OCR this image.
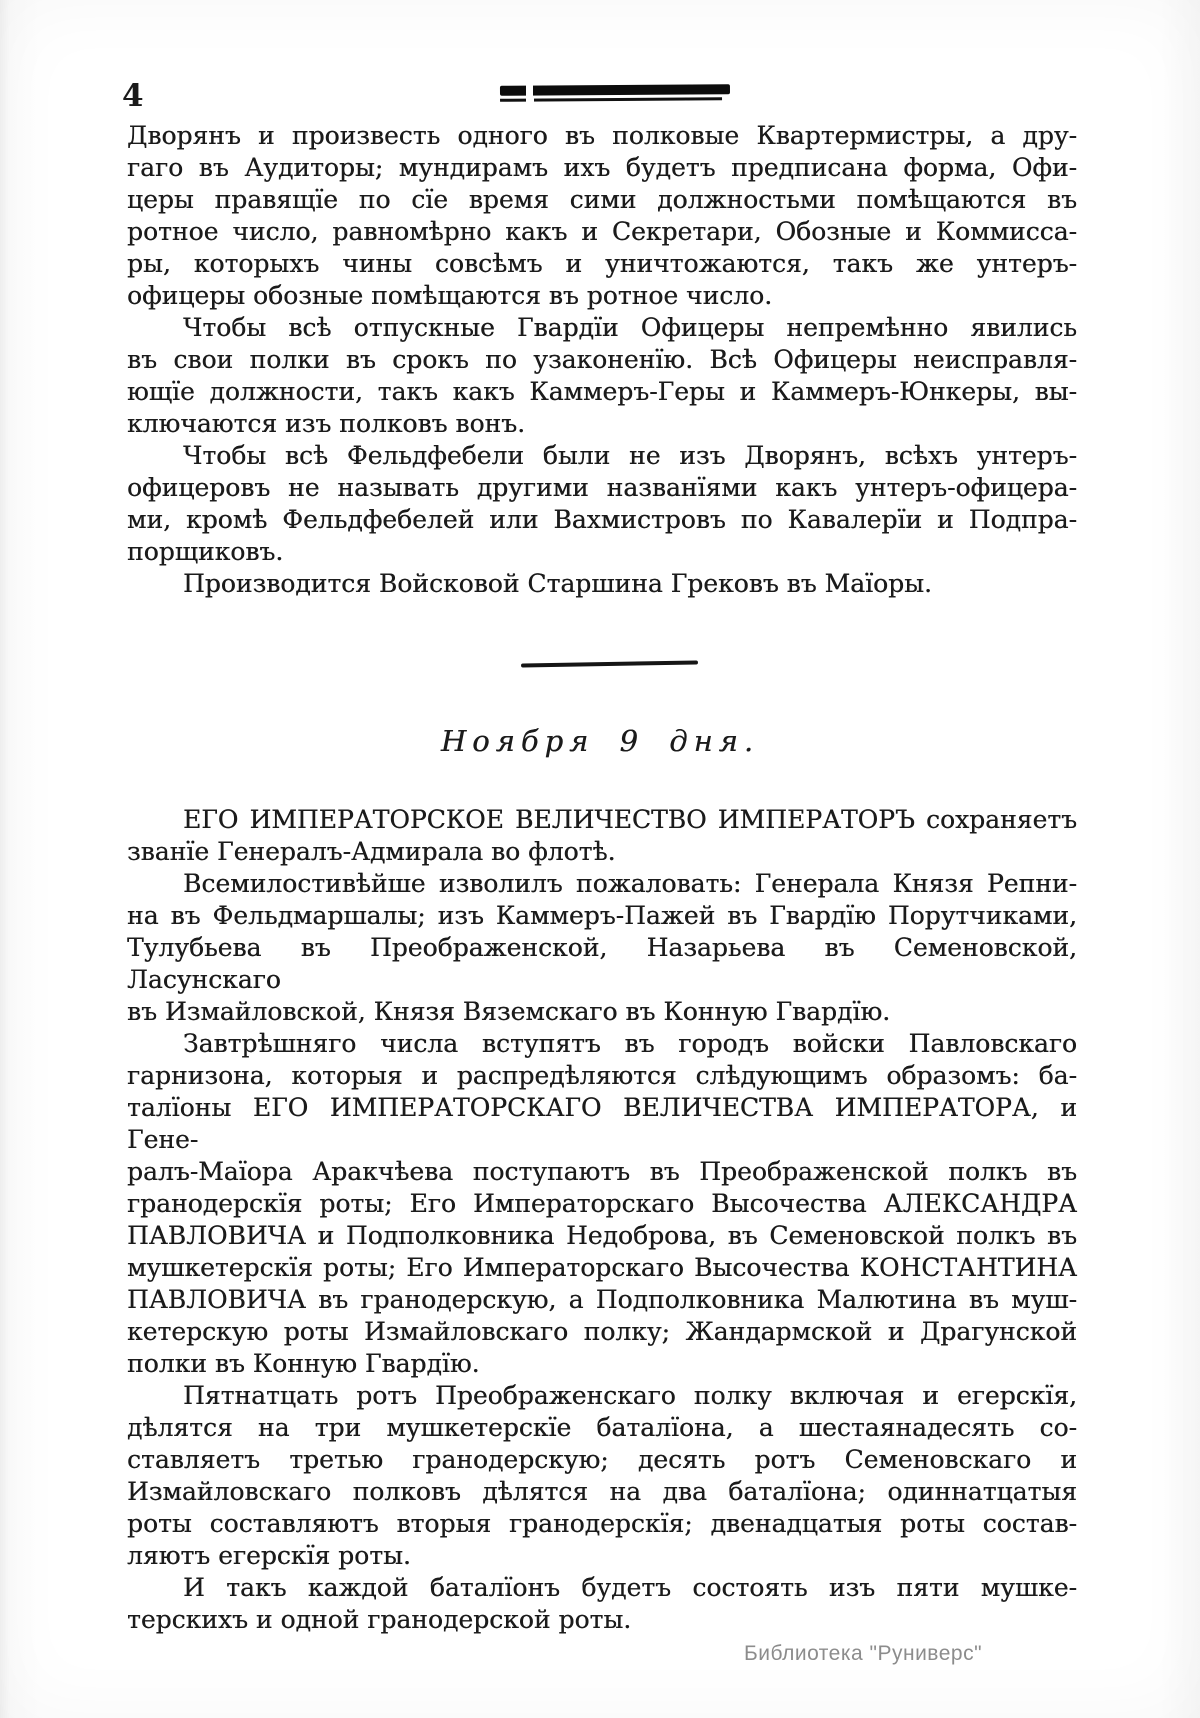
4
Дворянъ и произвесть одного въ полковые Квартермистры, а дру-
гаго въ Аудиторы; мундирамъ ихъ будетъ предписана форма, Офи-
церы правящїе по сїе время сими должностьми помѣщаются въ
ротное число, равномѣрно какъ и Секретари, Обозные и Коммисса-
ры, которыхъ чины совсѣмъ и уничтожаются, такъ же унтеръ-
офицеры обозные помѣщаются въ ротное число.
Чтобы всѣ отпускные Гвардїи Офицеры непремѣнно явились
въ свои полки въ срокъ по узаконенїю. Всѣ Офицеры неисправля-
ющїе должности, такъ какъ Каммеръ-Геры и Каммеръ-Юнкеры, вы-
ключаются изъ полковъ вонъ.
Чтобы всѣ Фельдфебели были не изъ Дворянъ, всѣхъ унтеръ-
офицеровъ не называть другими названїями какъ унтеръ-офицера-
ми, кромѣ Фельдфебелей или Вахмистровъ по Кавалерїи и Подпра-
порщиковъ.
Производится Войсковой Старшина Грековъ въ Маїоры.
Ноября 9 дня.
ЕГО ИМПЕРАТОРСКОЕ ВЕЛИЧЕСТВО ИМПЕРАТОРЪ сохраняетъ
званїе Генералъ-Адмирала во флотѣ.
Всемилостивѣйше изволилъ пожаловать: Генерала Князя Репни-
на въ Фельдмаршалы; изъ Каммеръ-Пажей въ Гвардїю Порутчиками,
Тулубьева въ Преображенской, Назарьева въ Семеновской, Ласунскаго
въ Измайловской, Князя Вяземскаго въ Конную Гвардїю.
Завтрѣшняго числа вступятъ въ городъ войски Павловскаго
гарнизона, которыя и распредѣляются слѣдующимъ образомъ: ба-
талїоны ЕГО ИМПЕРАТОРСКАГО ВЕЛИЧЕСТВА ИМПЕРАТОРА, и Гене-
ралъ-Маїора Аракчѣева поступаютъ въ Преображенской полкъ въ
гранодерскїя роты; Его Императорскаго Высочества АЛЕКСАНДРА
ПАВЛОВИЧА и Подполковника Недоброва, въ Семеновской полкъ въ
мушкетерскїя роты; Его Императорскаго Высочества КОНСТАНТИНА
ПАВЛОВИЧА въ гранодерскую, а Подполковника Малютина въ муш-
кетерскую роты Измайловскаго полку; Жандармской и Драгунской
полки въ Конную Гвардїю.
Пятнатцать ротъ Преображенскаго полку включая и егерскїя,
дѣлятся на три мушкетерскїе баталїона, а шестаянадесять со-
ставляетъ третью гранодерскую; десять ротъ Семеновскаго и
Измайловскаго полковъ дѣлятся на два баталїона; одиннатцатыя
роты составляютъ вторыя гранодерскїя; двенадцатыя роты состав-
ляютъ егерскїя роты.
И такъ каждой баталїонъ будетъ состоять изъ пяти мушке-
терскихъ и одной гранодерской роты.
Библиотека "Руниверс"
